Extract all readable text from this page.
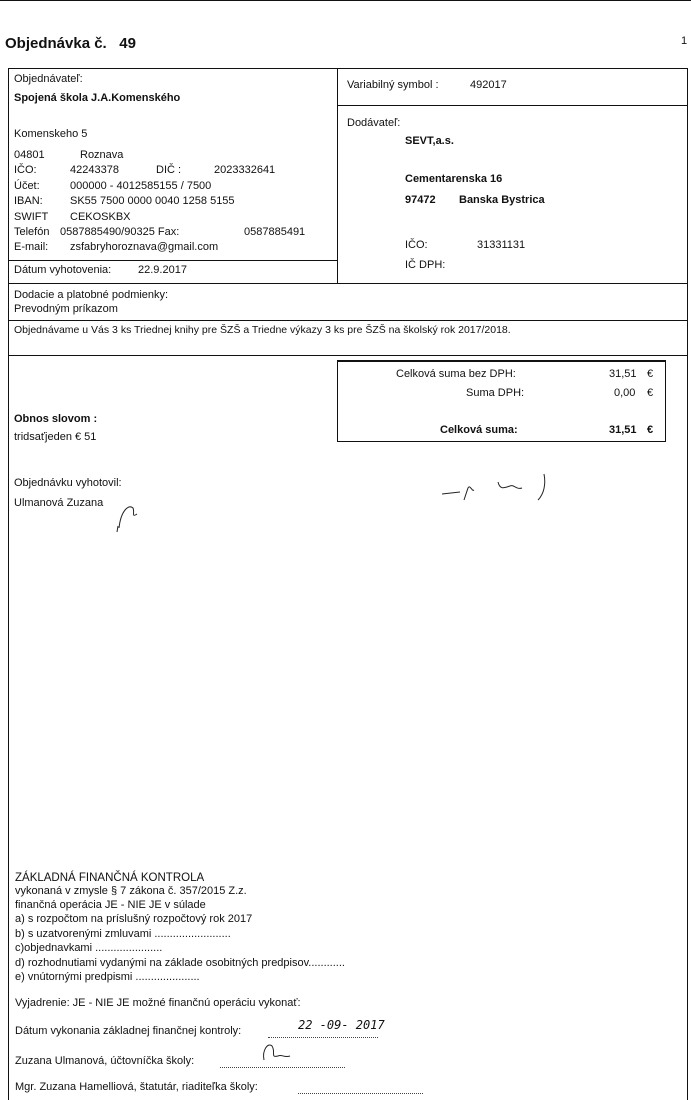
Objednávka č. 49	1
Objednávateľ:
Spojená škola J.A.Komenského
Komenskeho 5
04801	Roznava
IČO:	42243378	DIČ :	2023332641
Účet:	000000 - 4012585155 / 7500
IBAN: SK55 7500 0000 0040 1258 5155
SWIFT CEKOSKBX
Telefón 0587885490/90325 Fax:	0587885491
E-mail: zsfabryhoroznava@gmail.com
Dátum vyhotovenia: 22.9.2017
Variabilný symbol :	492017
Dodávateľ:
SEVT,a.s.
Cementarenska 16
97472 Banska Bystrica
IČO:	31331131
IČ DPH:
Dodacie a platobné podmienky:
Prevodným príkazom
Objednávame u Vás 3 ks Triednej knihy pre ŠZŠ a Triedne výkazy 3 ks pre ŠZŠ na školský rok 2017/2018.
Celková suma bez DPH:	31,51 €
Suma DPH:	0,00 €
Celková suma:	31,51 €
Obnos slovom :
tridsaťjeden € 51
Objednávku vyhotovil:
Ulmanová Zuzana
ZÁKLADNÁ FINANČNÁ KONTROLA
vykonaná v zmysle § 7 zákona č. 357/2015 Z.z.
finančná operácia JE - NIE JE v súlade
a) s rozpočtom na príslušný rozpočtový rok 2017
b) s uzatvorenými zmluvami .........................
c)objednavkami ......................
d) rozhodnutiami vydanými na základe osobitných predpisov............
e) vnútornými predpismi .....................
Vyjadrenie: JE - NIE JE možné finančnú operáciu vykonať:
Dátum vykonania základnej finančnej kontroly:	22 -09- 2017
Zuzana Ulmanová, účtovníčka školy:
Mgr. Zuzana Hamelliová, štatutár, riaditeľka školy:
